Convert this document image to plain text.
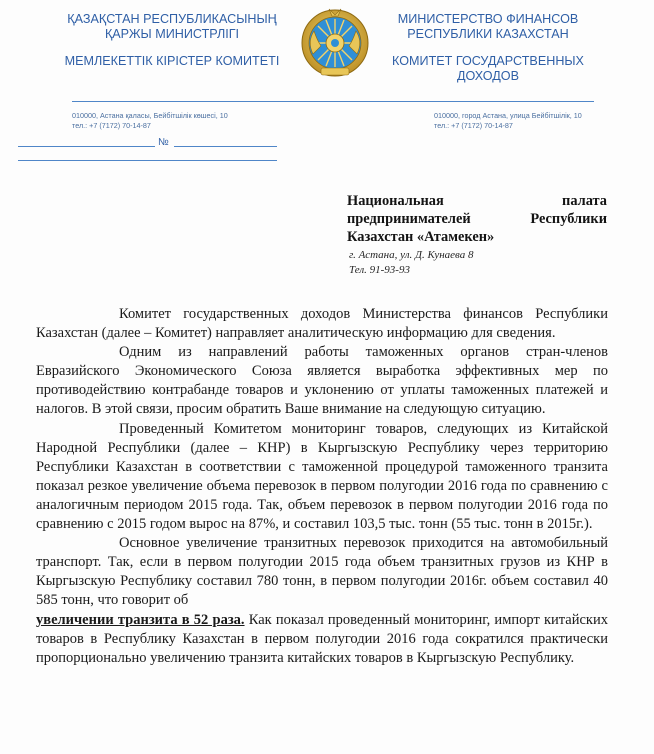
ҚАЗАҚСТАН РЕСПУБЛИКАСЫНЫҢ ҚАРЖЫ МИНИСТРЛІГІ
МЕМЛЕКЕТТІК КІРІСТЕР КОМИТЕТІ
МИНИСТЕРСТВО ФИНАНСОВ РЕСПУБЛИКИ КАЗАХСТАН
КОМИТЕТ ГОСУДАРСТВЕННЫХ ДОХОДОВ
010000, Астана қаласы, Бейбітшілік көшесі, 10
тел.: +7 (7172) 70-14-87
010000, город Астана, улица Бейбітшілік, 10
тел.: +7 (7172) 70-14-87
№
Национальная палата
предпринимателей Республики
Казахстан «Атамекен»
г. Астана, ул. Д. Кунаева 8
Тел. 91-93-93

Комитет государственных доходов Министерства финансов Республики Казахстан (далее – Комитет) направляет аналитическую информацию для сведения.

Одним из направлений работы таможенных органов стран-членов Евразийского Экономического Союза является выработка эффективных мер по противодействию контрабанде товаров и уклонению от уплаты таможенных платежей и налогов. В этой связи, просим обратить Ваше внимание на следующую ситуацию.

Проведенный Комитетом мониторинг товаров, следующих из Китайской Народной Республики (далее – КНР) в Кыргызскую Республику через территорию Республики Казахстан в соответствии с таможенной процедурой таможенного транзита показал резкое увеличение объема перевозок в первом полугодии 2016 года по сравнению с аналогичным периодом 2015 года. Так, объем перевозок в первом полугодии 2016 года по сравнению с 2015 годом вырос на 87%, и составил 103,5 тыс. тонн (55 тыс. тонн в 2015г.).

Основное увеличение транзитных перевозок приходится на автомобильный транспорт. Так, если в первом полугодии 2015 года объем транзитных грузов из КНР в Кыргызскую Республику составил 780 тонн, в первом полугодии 2016г. объем составил 40 585 тонн, что говорит об
увеличении транзита в 52 раза. Как показал проведенный мониторинг, импорт китайских товаров в Республику Казахстан в первом полугодии 2016 года сократился практически пропорционально увеличению транзита китайских товаров в Кыргызскую Республику.
